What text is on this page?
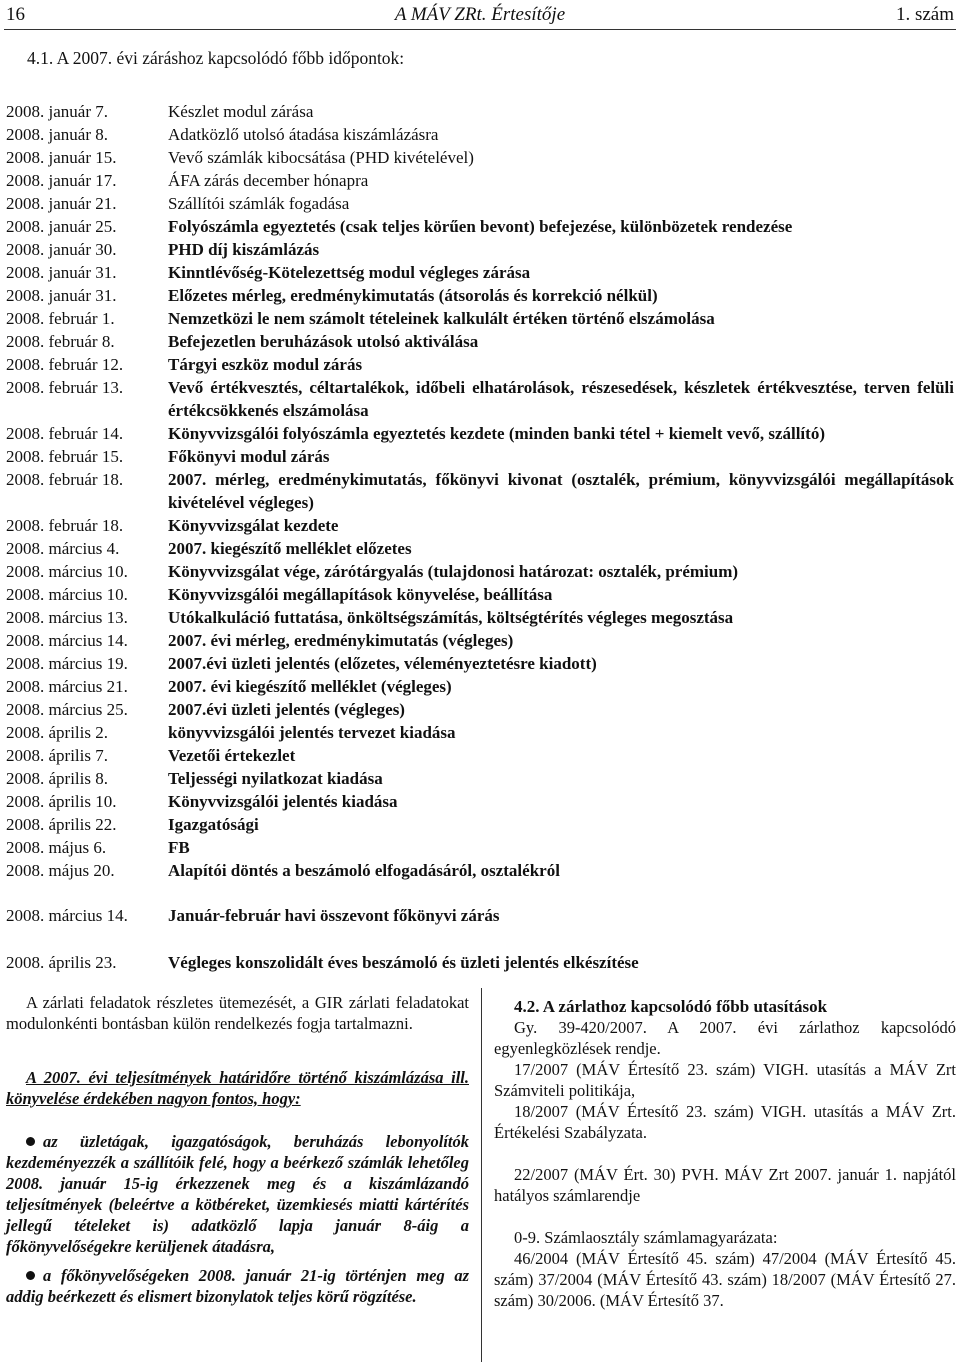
16	A MÁV ZRt. Értesítője	1. szám
4.1. A 2007. évi záráshoz kapcsolódó főbb időpontok:
2008. január 7.	Készlet modul zárása
2008. január 8.	Adatközlő utolsó átadása kiszámlázásra
2008. január 15.	Vevő számlák kibocsátása (PHD kivételével)
2008. január 17.	ÁFA zárás december hónapra
2008. január 21.	Szállítói számlák fogadása
2008. január 25.	Folyószámla egyeztetés (csak teljes körűen bevont) befejezése, különbözetek rendezése
2008. január 30.	PHD díj kiszámlázás
2008. január 31.	Kinntlévőség-Kötelezettség modul végleges zárása
2008. január 31.	Előzetes mérleg, eredménykimutatás (átsorolás és korrekció nélkül)
2008. február 1.	Nemzetközi le nem számolt tételeinek kalkulált értéken történő elszámolása
2008. február 8.	Befejezetlen beruházások utolsó aktiválása
2008. február 12.	Tárgyi eszköz modul zárás
2008. február 13.	Vevő értékvesztés, céltartalékok, időbeli elhatárolások, részesedések, készletek értékvesztése, terven felüli értékcsökkenés elszámolása
2008. február 14.	Könyvvizsgálói folyószámla egyeztetés kezdete (minden banki tétel + kiemelt vevő, szállító)
2008. február 15.	Főkönyvi modul zárás
2008. február 18.	2007. mérleg, eredménykimutatás, főkönyvi kivonat (osztalék, prémium, könyvvizsgálói megállapítások kivételével végleges)
2008. február 18.	Könyvvizsgálat kezdete
2008. március 4.	2007. kiegészítő melléklet előzetes
2008. március 10. Könyvvizsgálat vége, zárótárgyalás (tulajdonosi határozat: osztalék, prémium)
2008. március 10. Könyvvizsgálói megállapítások könyvelése, beállítása
2008. március 13. Utókalkuláció futtatása, önköltségszámítás, költségtérítés végleges megosztása
2008. március 14. 2007. évi mérleg, eredménykimutatás (végleges)
2008. március 19. 2007.évi üzleti jelentés (előzetes, véleményeztetésre kiadott)
2008. március 21. 2007. évi kiegészítő melléklet (végleges)
2008. március 25. 2007.évi üzleti jelentés (végleges)
2008. április 2.	könyvvizsgálói jelentés tervezet kiadása
2008. április 7.	Vezetői értekezlet
2008. április 8.	Teljességi nyilatkozat kiadása
2008. április 10.	Könyvvizsgálói jelentés kiadása
2008. április 22.	Igazgatósági
2008. május 6.	FB
2008. május 20.	Alapítói döntés a beszámoló elfogadásáról, osztalékról
2008. március 14. Január-február havi összevont főkönyvi zárás
2008. április 23.	Végleges konszolidált éves beszámoló és üzleti jelentés elkészítése

A zárlati feladatok részletes ütemezését, a GIR zárlati feladatokat modulonkénti bontásban külön rendelkezés fogja tartalmazni.

A 2007. évi teljesítmények határidőre történő kiszámlázása ill. könyvelése érdekében nagyon fontos, hogy:

az üzletágak, igazgatóságok, beruházás lebonyolítók kezdeményezzék a szállítóik felé, hogy a beérkező számlák lehetőleg 2008. január 15-ig érkezzenek meg és a kiszámlázandó teljesítmények (beleértve a kötbéreket, üzemkiesés miatti kártérítés jellegű tételeket is) adatközlő lapja január 8-áig a főkönyvelőségekre kerüljenek átadásra,
a főkönyvelőségeken 2008. január 21-ig történjen meg az addig beérkezett és elismert bizonylatok teljes körű rögzítése.

4.2. A zárlathoz kapcsolódó főbb utasítások

Gy. 39-420/2007. A 2007. évi zárlathoz kapcsolódó egyenlegközlések rendje.

17/2007 (MÁV Értesítő 23. szám) VIGH. utasítás a MÁV Zrt Számviteli politikája,

18/2007 (MÁV Értesítő 23. szám) VIGH. utasítás a MÁV Zrt. Értékelési Szabályzata.

22/2007 (MÁV Ért. 30) PVH. MÁV Zrt 2007. január 1. napjától hatályos számlarendje

0-9. Számlaosztály számlamagyarázata:

46/2004 (MÁV Értesítő 45. szám) 47/2004 (MÁV Értesítő 45. szám) 37/2004 (MÁV Értesítő 43. szám) 18/2007 (MÁV Értesítő 27. szám) 30/2006. (MÁV Értesítő 37.
